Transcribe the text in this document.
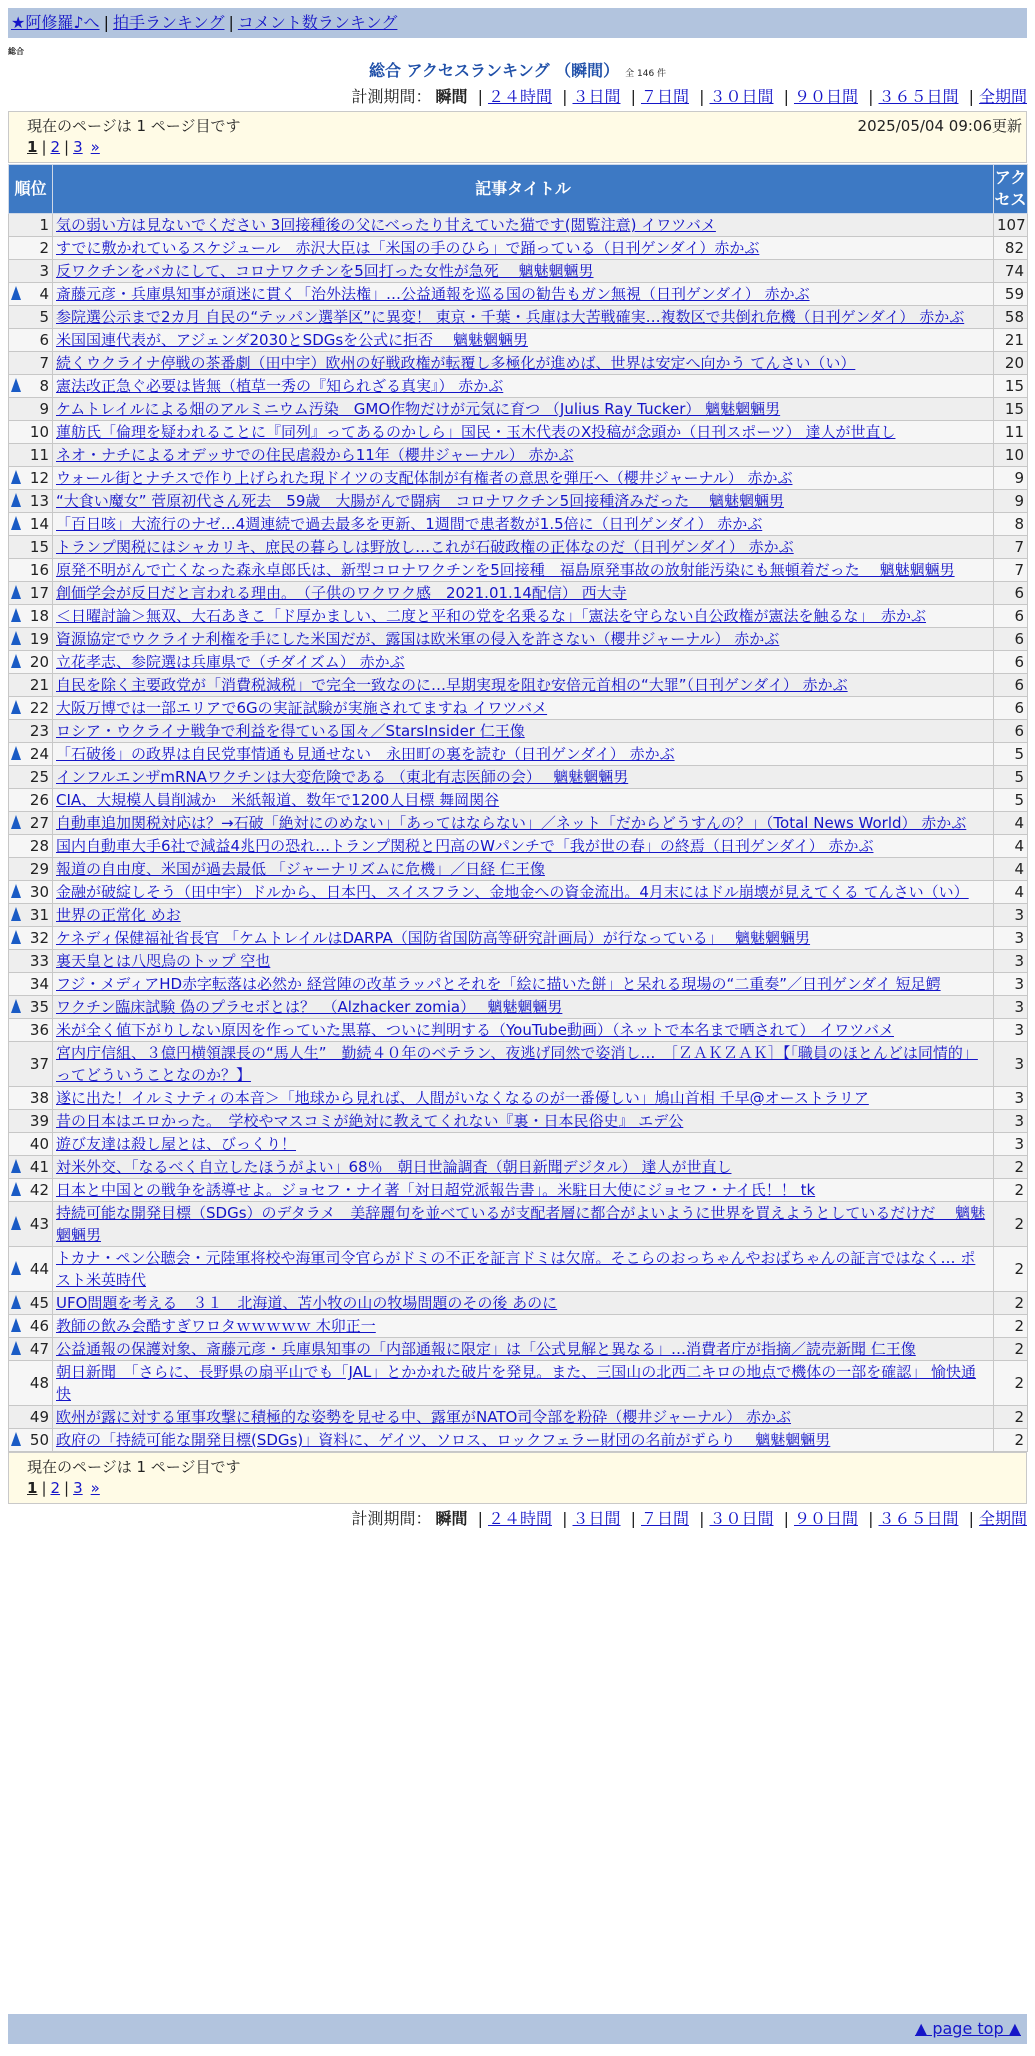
★阿修羅♪へ | 拍手ランキング | コメント数ランキング
総合
総合 アクセスランキング （瞬間） 全 146 件
計測期間： 瞬間 | ２４時間 | ３日間 | ７日間 | ３０日間 | ９０日間 | ３６５日間 | 全期間
現在のページは 1 ページ目です	2025/05/04 09:06更新
1 | 2 | 3 »
順位	記事タイトル	アクセス
1	気の弱い方は見ないでください 3回接種後の父にべったり甘えていた猫です(閲覧注意) イワツバメ	107
2	すでに敷かれているスケジュール　赤沢大臣は「米国の手のひら」で踊っている（日刊ゲンダイ）赤かぶ	82
3	反ワクチンをバカにして、コロナワクチンを5回打った女性が急死　 魑魅魍魎男	74

4	斎藤元彦・兵庫県知事が頑迷に貫く「治外法権」…公益通報を巡る国の勧告もガン無視（日刊ゲンダイ） 赤かぶ	59
5	参院選公示まで2カ月 自民の“テッパン選挙区”に異変！ 東京・千葉・兵庫は大苦戦確実…複数区で共倒れ危機（日刊ゲンダイ） 赤かぶ	58
6	米国国連代表が、アジェンダ2030とSDGsを公式に拒否　 魑魅魍魎男	21
7	続くウクライナ停戦の茶番劇（田中宇）欧州の好戦政権が転覆し多極化が進めば、世界は安定へ向かう てんさい（い）	20

8	憲法改正急ぐ必要は皆無（植草一秀の『知られざる真実』） 赤かぶ	15
9	ケムトレイルによる畑のアルミニウム汚染　GMO作物だけが元気に育つ （Julius Ray Tucker） 魑魅魍魎男	15
10	蓮舫氏「倫理を疑われることに『同列』ってあるのかしら」国民・玉木代表のX投稿が念頭か（日刊スポーツ） 達人が世直し	11
11	ネオ・ナチによるオデッサでの住民虐殺から11年（櫻井ジャーナル） 赤かぶ	10

12	ウォール街とナチスで作り上げられた現ドイツの支配体制が有権者の意思を弾圧へ（櫻井ジャーナル） 赤かぶ	9

13	“大食い魔女” 菅原初代さん死去　59歳　大腸がんで闘病　コロナワクチン5回接種済みだった　 魑魅魍魎男	9

14	「百日咳」大流行のナゼ…4週連続で過去最多を更新、1週間で患者数が1.5倍に（日刊ゲンダイ） 赤かぶ	8
15	トランプ関税にはシャカリキ、庶民の暮らしは野放し…これが石破政権の正体なのだ（日刊ゲンダイ） 赤かぶ	7
16	原発不明がんで亡くなった森永卓郎氏は、新型コロナワクチンを5回接種　福島原発事故の放射能汚染にも無頓着だった　 魑魅魍魎男	7

17	創価学会が反日だと言われる理由。　（子供のワクワク感　2021.01.14配信） 西大寺	6

18	＜日曜討論＞無双、大石あきこ「ド厚かましい、二度と平和の党を名乗るな」「憲法を守らない自公政権が憲法を触るな」　赤かぶ	6

19	資源協定でウクライナ利権を手にした米国だが、露国は欧米軍の侵入を許さない（櫻井ジャーナル） 赤かぶ	6

20	立花孝志、参院選は兵庫県で（チダイズム） 赤かぶ	6
21	自民を除く主要政党が「消費税減税」で完全一致なのに…早期実現を阻む安倍元首相の“大罪”（日刊ゲンダイ） 赤かぶ	6

22	大阪万博では一部エリアで6Gの実証試験が実施されてますね イワツバメ	6
23	ロシア・ウクライナ戦争で利益を得ている国々／StarsInsider 仁王像	6

24	「石破後」の政界は自民党事情通も見通せない　永田町の裏を読む（日刊ゲンダイ） 赤かぶ	5
25	インフルエンザmRNAワクチンは大変危険である （東北有志医師の会）　 魑魅魍魎男	5
26	CIA、大規模人員削減か　米紙報道、数年で1200人目標 舞岡関谷	5

27	自動車追加関税対応は？→石破「絶対にのめない」「あってはならない」／ネット「だからどうすんの？」（Total News World） 赤かぶ	4
28	国内自動車大手6社で減益4兆円の恐れ…トランプ関税と円高のWパンチで「我が世の春」の終焉（日刊ゲンダイ） 赤かぶ	4
29	報道の自由度、米国が過去最低 「ジャーナリズムに危機」／日経 仁王像	4

30	金融が破綻しそう（田中宇）ドルから、日本円、スイスフラン、金地金への資金流出。4月末にはドル崩壊が見えてくる てんさい（い）	4

31	世界の正常化 めお	3

32	ケネディ保健福祉省長官 「ケムトレイルはDARPA（国防省国防高等研究計画局）が行なっている」　 魑魅魍魎男	3
33	裏天皇とは八咫烏のトップ 空也	3
34	フジ・メディアHD赤字転落は必然か 経営陣の改革ラッパとそれを「絵に描いた餅」と呆れる現場の“二重奏”／日刊ゲンダイ 短足鰐	3

35	ワクチン臨床試験 偽のプラセボとは？　（Alzhacker zomia）　 魑魅魍魎男	3
36	米が全く値下がりしない原因を作っていた黒幕、ついに判明する（YouTube動画）（ネットで本名まで晒されて） イワツバメ	3
37	宮内庁信組、３億円横領課長の“馬人生”　勤続４０年のベテラン、夜逃げ同然で姿消し…　［ＺＡＫＺＡＫ］【「職員のほとんどは同情的」ってどういうことなのか？】	3
38	遂に出た！イルミナティの本音＞「地球から見れば、人間がいなくなるのが一番優しい」鳩山首相 千早@オーストラリア	3
39	昔の日本はエロかった。　学校やマスコミが絶対に教えてくれない『裏・日本民俗史』 エデ公	3
40	遊び友達は殺し屋とは、びっくり！	3

41	対米外交、「なるべく自立したほうがよい」68％　朝日世論調査（朝日新聞デジタル） 達人が世直し	2

42	日本と中国との戦争を誘導せよ。ジョセフ・ナイ著「対日超党派報告書」。米駐日大使にジョセフ・ナイ氏！！ tk	2

43	持続可能な開発目標（SDGs）のデタラメ　美辞麗句を並べているが支配者層に都合がよいように世界を買えようとしているだけだ　 魑魅魍魎男	2

44	トカナ・ペン公聴会・元陸軍将校や海軍司令官らがドミの不正を証言ドミは欠席。そこらのおっちゃんやおばちゃんの証言ではなく… ポスト米英時代	2

45	UFO問題を考える　３１　北海道、苫小牧の山の牧場問題のその後 あのに	2

46	教師の飲み会酷すぎワロタｗｗｗｗｗ 木卯正一	2

47	公益通報の保護対象、斎藤元彦・兵庫県知事の「内部通報に限定」は「公式見解と異なる」…消費者庁が指摘／読売新聞 仁王像	2
48	朝日新聞　「さらに、長野県の扇平山でも「JAL」とかかれた破片を発見。また、三国山の北西二キロの地点で機体の一部を確認」 愉快通快	2
49	欧州が露に対する軍事攻撃に積極的な姿勢を見せる中、露軍がNATO司令部を粉砕（櫻井ジャーナル） 赤かぶ	2

50	政府の「持続可能な開発目標(SDGs)」資料に、ゲイツ、ソロス、ロックフェラー財団の名前がずらり　 魑魅魍魎男	2
現在のページは 1 ページ目です
1 | 2 | 3 »
計測期間： 瞬間 | ２４時間 | ３日間 | ７日間 | ３０日間 | ９０日間 | ３６５日間 | 全期間
▲ page top ▲
